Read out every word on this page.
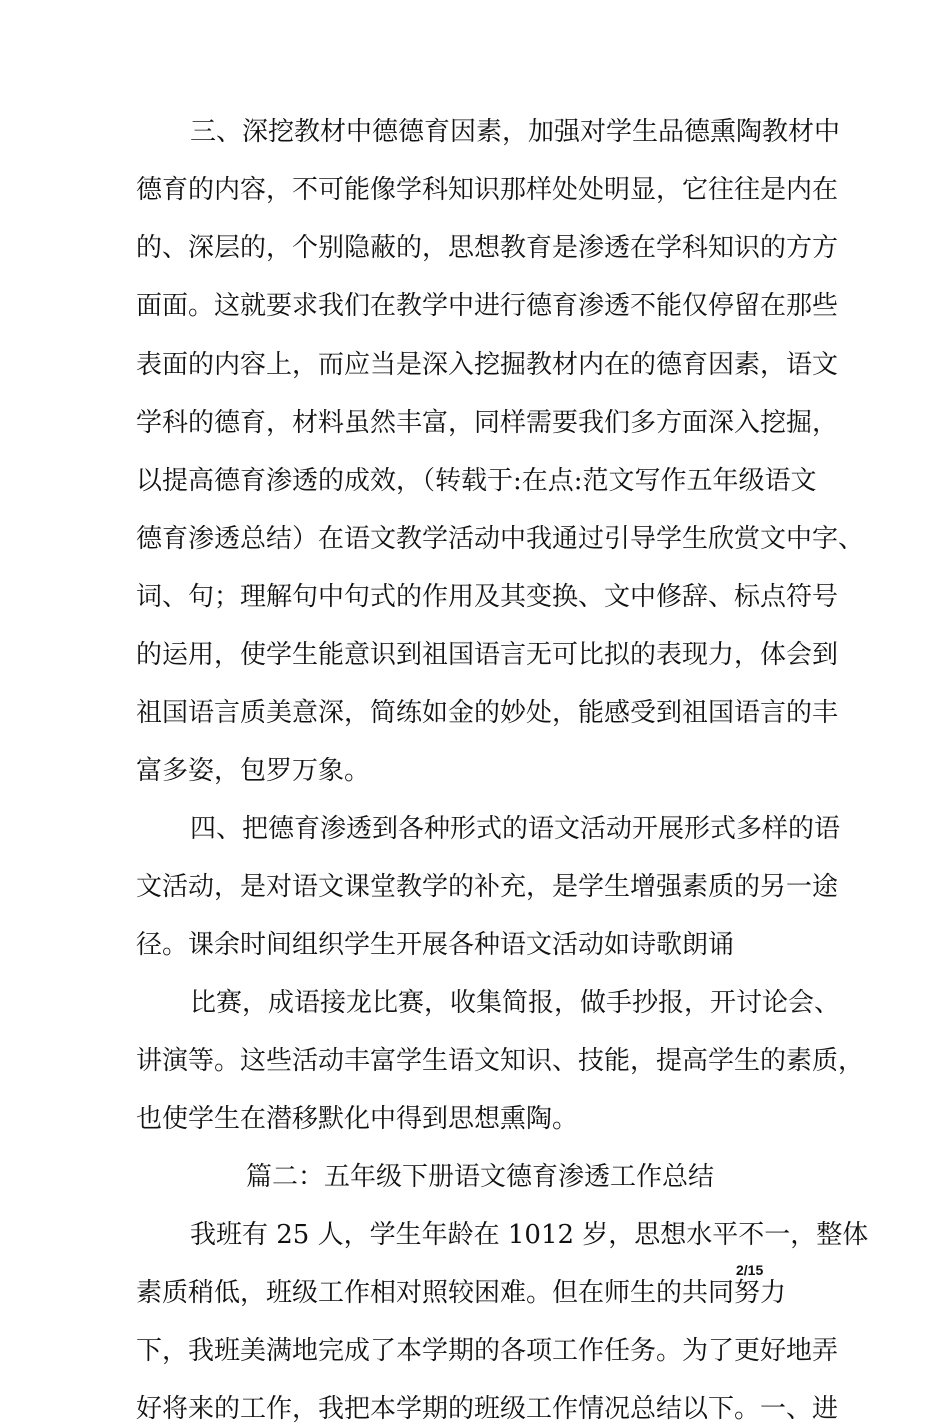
三、深挖教材中德德育因素，加强对学生品德熏陶教材中
德育的内容，不可能像学科知识那样处处明显，它往往是内在
的、深层的，个别隐蔽的，思想教育是渗透在学科知识的方方
面面。这就要求我们在教学中进行德育渗透不能仅停留在那些
表面的内容上，而应当是深入挖掘教材内在的德育因素，语文
学科的德育，材料虽然丰富，同样需要我们多方面深入挖掘，
以提高德育渗透的成效，（转载于:在点:范文写作五年级语文
德育渗透总结）在语文教学活动中我通过引导学生欣赏文中字、
词、句；理解句中句式的作用及其变换、文中修辞、标点符号
的运用，使学生能意识到祖国语言无可比拟的表现力，体会到
祖国语言质美意深，简练如金的妙处，能感受到祖国语言的丰
富多姿，包罗万象。
四、把德育渗透到各种形式的语文活动开展形式多样的语
文活动，是对语文课堂教学的补充，是学生增强素质的另一途
径。课余时间组织学生开展各种语文活动如诗歌朗诵
比赛，成语接龙比赛，收集简报，做手抄报，开讨论会、
讲演等。这些活动丰富学生语文知识、技能，提高学生的素质，
也使学生在潜移默化中得到思想熏陶。
篇二：五年级下册语文德育渗透工作总结
我班有 25 人，学生年龄在 1012 岁，思想水平不一，整体
素质稍低，班级工作相对照较困难。但在师生的共同努力
下，我班美满地完成了本学期的各项工作任务。为了更好地弄
好将来的工作，我把本学期的班级工作情况总结以下。一、进
2/15
